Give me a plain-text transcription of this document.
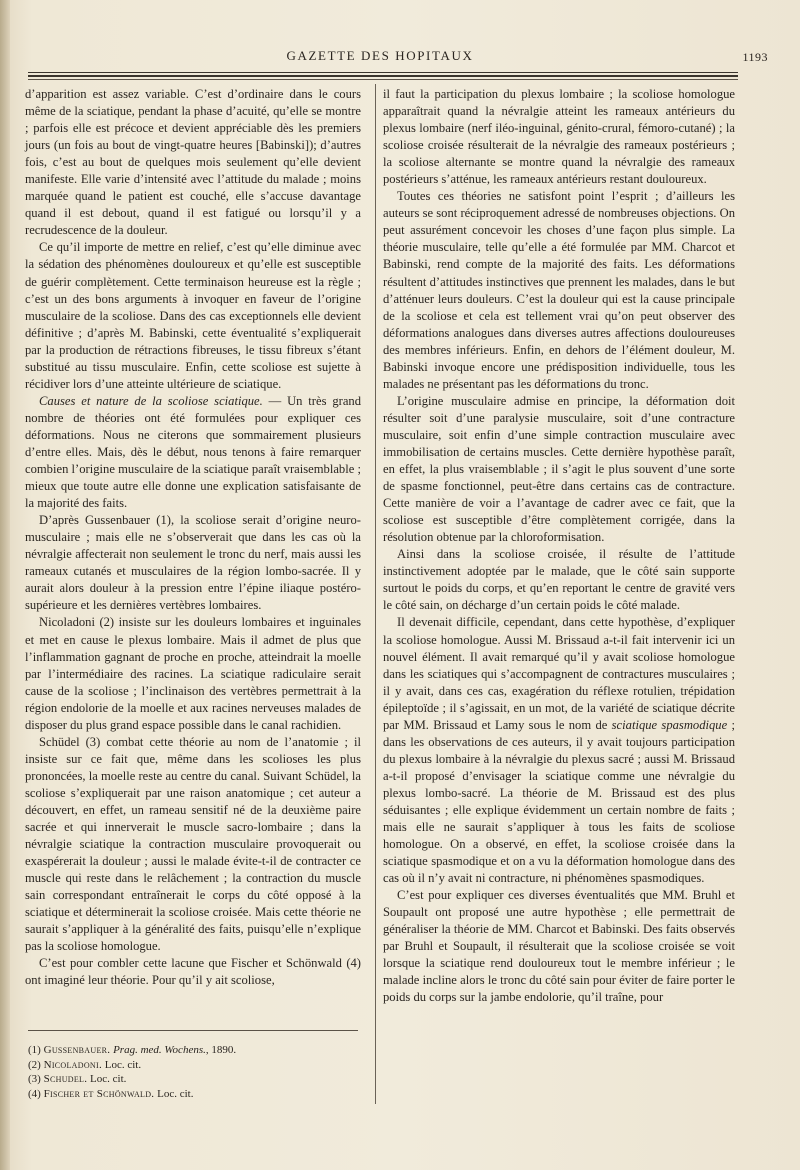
GAZETTE DES HOPITAUX	1193

d’apparition est assez variable. C’est d’ordinaire dans le cours même de la sciatique, pendant la phase d’acuité, qu’elle se montre ; parfois elle est précoce et devient appréciable dès les premiers jours (un fois au bout de vingt-quatre heures [Babinski]); d’autres fois, c’est au bout de quelques mois seulement qu’elle devient manifeste. Elle varie d’intensité avec l’attitude du malade ; moins marquée quand le patient est couché, elle s’accuse davantage quand il est debout, quand il est fatigué ou lorsqu’il y a recrudescence de la douleur.

Ce qu’il importe de mettre en relief, c’est qu’elle diminue avec la sédation des phénomènes douloureux et qu’elle est susceptible de guérir complètement. Cette terminaison heureuse est la règle ; c’est un des bons arguments à invoquer en faveur de l’origine musculaire de la scoliose. Dans des cas exceptionnels elle devient définitive ; d’après M. Babinski, cette éventualité s’expliquerait par la production de rétractions fibreuses, le tissu fibreux s’étant substitué au tissu musculaire. Enfin, cette scoliose est sujette à récidiver lors d’une atteinte ultérieure de sciatique.

Causes et nature de la scoliose sciatique. — Un très grand nombre de théories ont été formulées pour expliquer ces déformations. Nous ne citerons que sommairement plusieurs d’entre elles. Mais, dès le début, nous tenons à faire remarquer combien l’origine musculaire de la sciatique paraît vraisemblable ; mieux que toute autre elle donne une explication satisfaisante de la majorité des faits.

D’après Gussenbauer (1), la scoliose serait d’origine neuro-musculaire ; mais elle ne s’observerait que dans les cas où la névralgie affecterait non seulement le tronc du nerf, mais aussi les rameaux cutanés et musculaires de la région lombo-sacrée. Il y aurait alors douleur à la pression entre l’épine iliaque postéro-supérieure et les dernières vertèbres lombaires.

Nicoladoni (2) insiste sur les douleurs lombaires et inguinales et met en cause le plexus lombaire. Mais il admet de plus que l’inflammation gagnant de proche en proche, atteindrait la moelle par l’intermédiaire des racines. La sciatique radiculaire serait cause de la scoliose ; l’inclinaison des vertèbres permettrait à la région endolorie de la moelle et aux racines nerveuses malades de disposer du plus grand espace possible dans le canal rachidien.

Schüdel (3) combat cette théorie au nom de l’anatomie ; il insiste sur ce fait que, même dans les scolioses les plus prononcées, la moelle reste au centre du canal. Suivant Schüdel, la scoliose s’expliquerait par une raison anatomique ; cet auteur a découvert, en effet, un rameau sensitif né de la deuxième paire sacrée et qui innerverait le muscle sacro-lombaire ; dans la névralgie sciatique la contraction musculaire provoquerait ou exaspérerait la douleur ; aussi le malade évite-t-il de contracter ce muscle qui reste dans le relâchement ; la contraction du muscle sain correspondant entraînerait le corps du côté opposé à la sciatique et déterminerait la scoliose croisée. Mais cette théorie ne saurait s’appliquer à la généralité des faits, puisqu’elle n’explique pas la scoliose homologue.

C’est pour combler cette lacune que Fischer et Schönwald (4) ont imaginé leur théorie. Pour qu’il y ait scoliose,

il faut la participation du plexus lombaire ; la scoliose homologue apparaîtrait quand la névralgie atteint les rameaux antérieurs du plexus lombaire (nerf iléo-inguinal, génito-crural, fémoro-cutané) ; la scoliose croisée résulterait de la névralgie des rameaux postérieurs ; la scoliose alternante se montre quand la névralgie des rameaux postérieurs s’atténue, les rameaux antérieurs restant douloureux.

Toutes ces théories ne satisfont point l’esprit ; d’ailleurs les auteurs se sont réciproquement adressé de nombreuses objections. On peut assurément concevoir les choses d’une façon plus simple. La théorie musculaire, telle qu’elle a été formulée par MM. Charcot et Babinski, rend compte de la majorité des faits. Les déformations résultent d’attitudes instinctives que prennent les malades, dans le but d’atténuer leurs douleurs. C’est la douleur qui est la cause principale de la scoliose et cela est tellement vrai qu’on peut observer des déformations analogues dans diverses autres affections douloureuses des membres inférieurs. Enfin, en dehors de l’élément douleur, M. Babinski invoque encore une prédisposition individuelle, tous les malades ne présentant pas les déformations du tronc.

L’origine musculaire admise en principe, la déformation doit résulter soit d’une paralysie musculaire, soit d’une contracture musculaire, soit enfin d’une simple contraction musculaire avec immobilisation de certains muscles. Cette dernière hypothèse paraît, en effet, la plus vraisemblable ; il s’agit le plus souvent d’une sorte de spasme fonctionnel, peut-être dans certains cas de contracture. Cette manière de voir a l’avantage de cadrer avec ce fait, que la scoliose est susceptible d’être complètement corrigée, dans la résolution obtenue par la chloroformisation.

Ainsi dans la scoliose croisée, il résulte de l’attitude instinctivement adoptée par le malade, que le côté sain supporte surtout le poids du corps, et qu’en reportant le centre de gravité vers le côté sain, on décharge d’un certain poids le côté malade.

Il devenait difficile, cependant, dans cette hypothèse, d’expliquer la scoliose homologue. Aussi M. Brissaud a-t-il fait intervenir ici un nouvel élément. Il avait remarqué qu’il y avait scoliose homologue dans les sciatiques qui s’accompagnent de contractures musculaires ; il y avait, dans ces cas, exagération du réflexe rotulien, trépidation épileptoïde ; il s’agissait, en un mot, de la variété de sciatique décrite par MM. Brissaud et Lamy sous le nom de sciatique spasmodique ; dans les observations de ces auteurs, il y avait toujours participation du plexus lombaire à la névralgie du plexus sacré ; aussi M. Brissaud a-t-il proposé d’envisager la sciatique comme une névralgie du plexus lombo-sacré. La théorie de M. Brissaud est des plus séduisantes ; elle explique évidemment un certain nombre de faits ; mais elle ne saurait s’appliquer à tous les faits de scoliose homologue. On a observé, en effet, la scoliose croisée dans la sciatique spasmodique et on a vu la déformation homologue dans des cas où il n’y avait ni contracture, ni phénomènes spasmodiques.

C’est pour expliquer ces diverses éventualités que MM. Bruhl et Soupault ont proposé une autre hypothèse ; elle permettrait de généraliser la théorie de MM. Charcot et Babinski. Des faits observés par Bruhl et Soupault, il résulterait que la scoliose croisée se voit lorsque la sciatique rend douloureux tout le membre inférieur ; le malade incline alors le tronc du côté sain pour éviter de faire porter le poids du corps sur la jambe endolorie, qu’il traîne, pour

(1) Gussenbauer. Prag. med. Wochens., 1890.
(2) Nicoladoni. Loc. cit.
(3) Schudel. Loc. cit.
(4) Fischer et Schönwald. Loc. cit.
